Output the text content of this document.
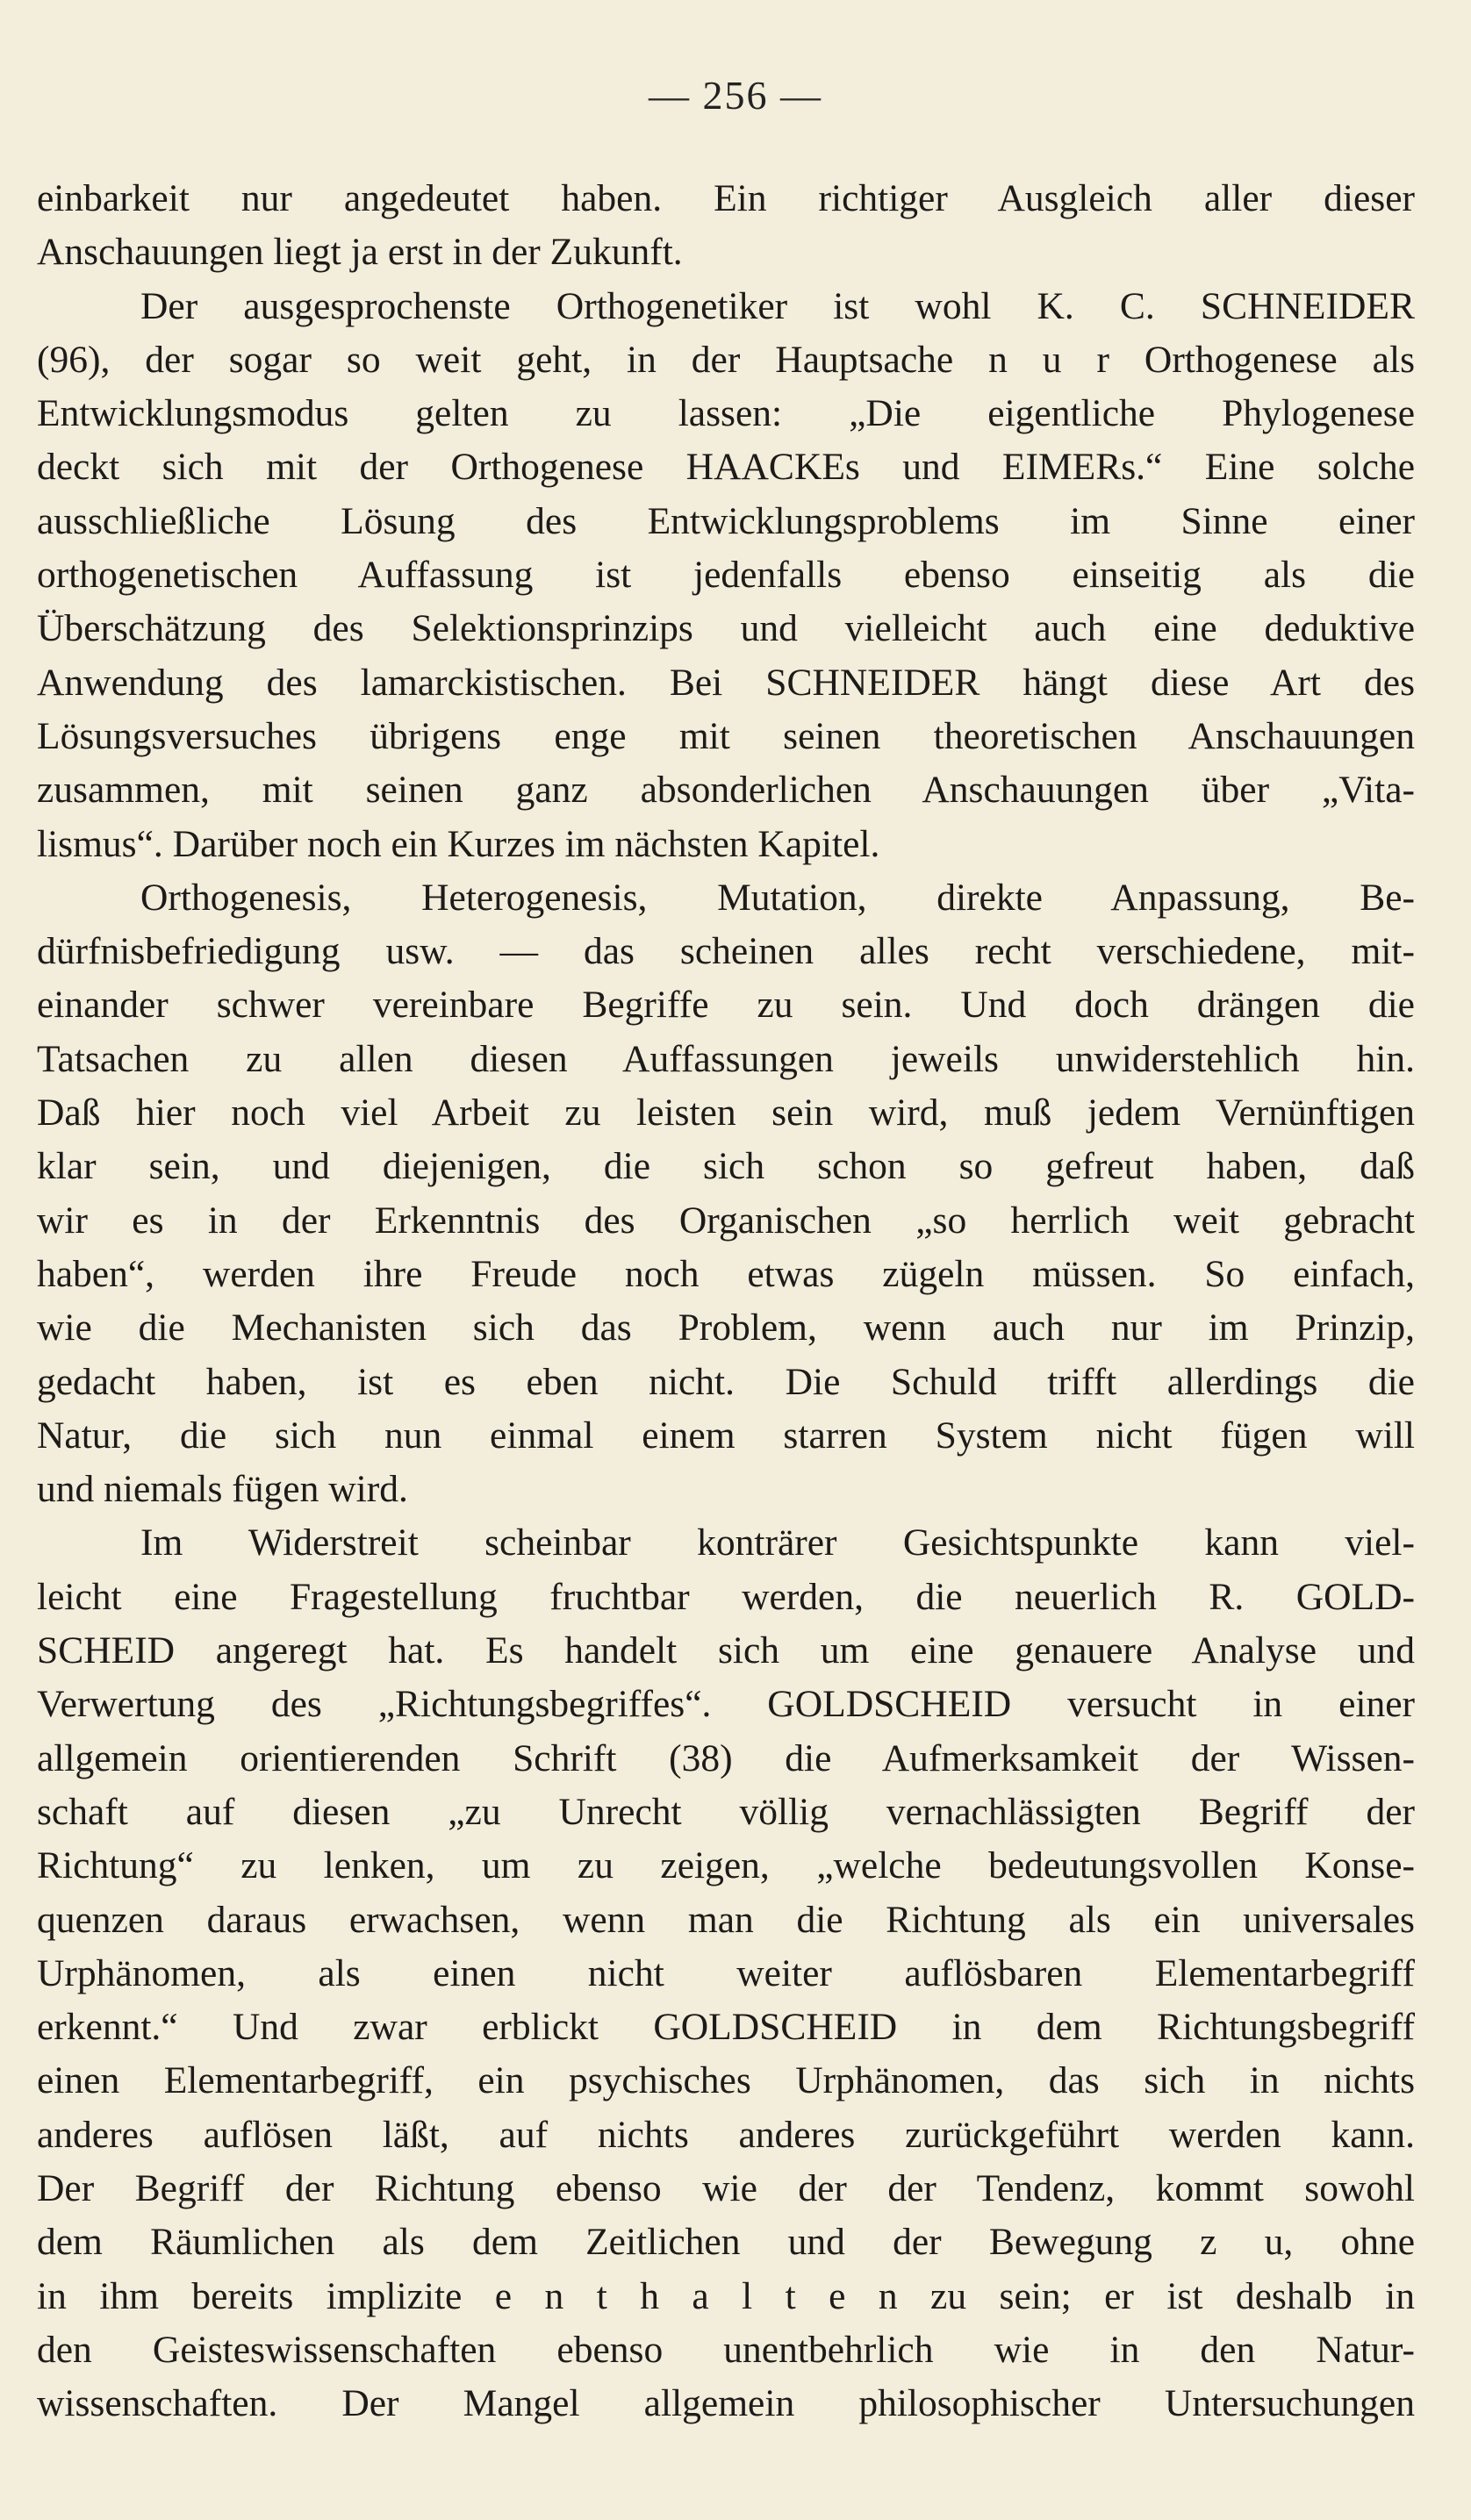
— 256 —
einbarkeit nur angedeutet haben. Ein richtiger Ausgleich aller dieser
Anschauungen liegt ja erst in der Zukunft.
Der ausgesprochenste Orthogenetiker ist wohl K. C. SCHNEIDER
(96), der sogar so weit geht, in der Hauptsache n u r Orthogenese als
Entwicklungsmodus gelten zu lassen: „Die eigentliche Phylogenese
deckt sich mit der Orthogenese HAACKEs und EIMERs.“ Eine solche
ausschließliche Lösung des Entwicklungsproblems im Sinne einer
orthogenetischen Auffassung ist jedenfalls ebenso einseitig als die
Überschätzung des Selektionsprinzips und vielleicht auch eine deduktive
Anwendung des lamarckistischen. Bei SCHNEIDER hängt diese Art des
Lösungsversuches übrigens enge mit seinen theoretischen Anschauungen
zusammen, mit seinen ganz absonderlichen Anschauungen über „Vita-
lismus“. Darüber noch ein Kurzes im nächsten Kapitel.
Orthogenesis, Heterogenesis, Mutation, direkte Anpassung, Be-
dürfnisbefriedigung usw. — das scheinen alles recht verschiedene, mit-
einander schwer vereinbare Begriffe zu sein. Und doch drängen die
Tatsachen zu allen diesen Auffassungen jeweils unwiderstehlich hin.
Daß hier noch viel Arbeit zu leisten sein wird, muß jedem Vernünftigen
klar sein, und diejenigen, die sich schon so gefreut haben, daß
wir es in der Erkenntnis des Organischen „so herrlich weit gebracht
haben“, werden ihre Freude noch etwas zügeln müssen. So einfach,
wie die Mechanisten sich das Problem, wenn auch nur im Prinzip,
gedacht haben, ist es eben nicht. Die Schuld trifft allerdings die
Natur, die sich nun einmal einem starren System nicht fügen will
und niemals fügen wird.
Im Widerstreit scheinbar konträrer Gesichtspunkte kann viel-
leicht eine Fragestellung fruchtbar werden, die neuerlich R. GOLD-
SCHEID angeregt hat. Es handelt sich um eine genauere Analyse und
Verwertung des „Richtungsbegriffes“. GOLDSCHEID versucht in einer
allgemein orientierenden Schrift (38) die Aufmerksamkeit der Wissen-
schaft auf diesen „zu Unrecht völlig vernachlässigten Begriff der
Richtung“ zu lenken, um zu zeigen, „welche bedeutungsvollen Konse-
quenzen daraus erwachsen, wenn man die Richtung als ein universales
Urphänomen, als einen nicht weiter auflösbaren Elementarbegriff
erkennt.“ Und zwar erblickt GOLDSCHEID in dem Richtungsbegriff
einen Elementarbegriff, ein psychisches Urphänomen, das sich in nichts
anderes auflösen läßt, auf nichts anderes zurückgeführt werden kann.
Der Begriff der Richtung ebenso wie der der Tendenz, kommt sowohl
dem Räumlichen als dem Zeitlichen und der Bewegung z u, ohne
in ihm bereits implizite e n t h a l t e n zu sein; er ist deshalb in
den Geisteswissenschaften ebenso unentbehrlich wie in den Natur-
wissenschaften. Der Mangel allgemein philosophischer Untersuchungen
